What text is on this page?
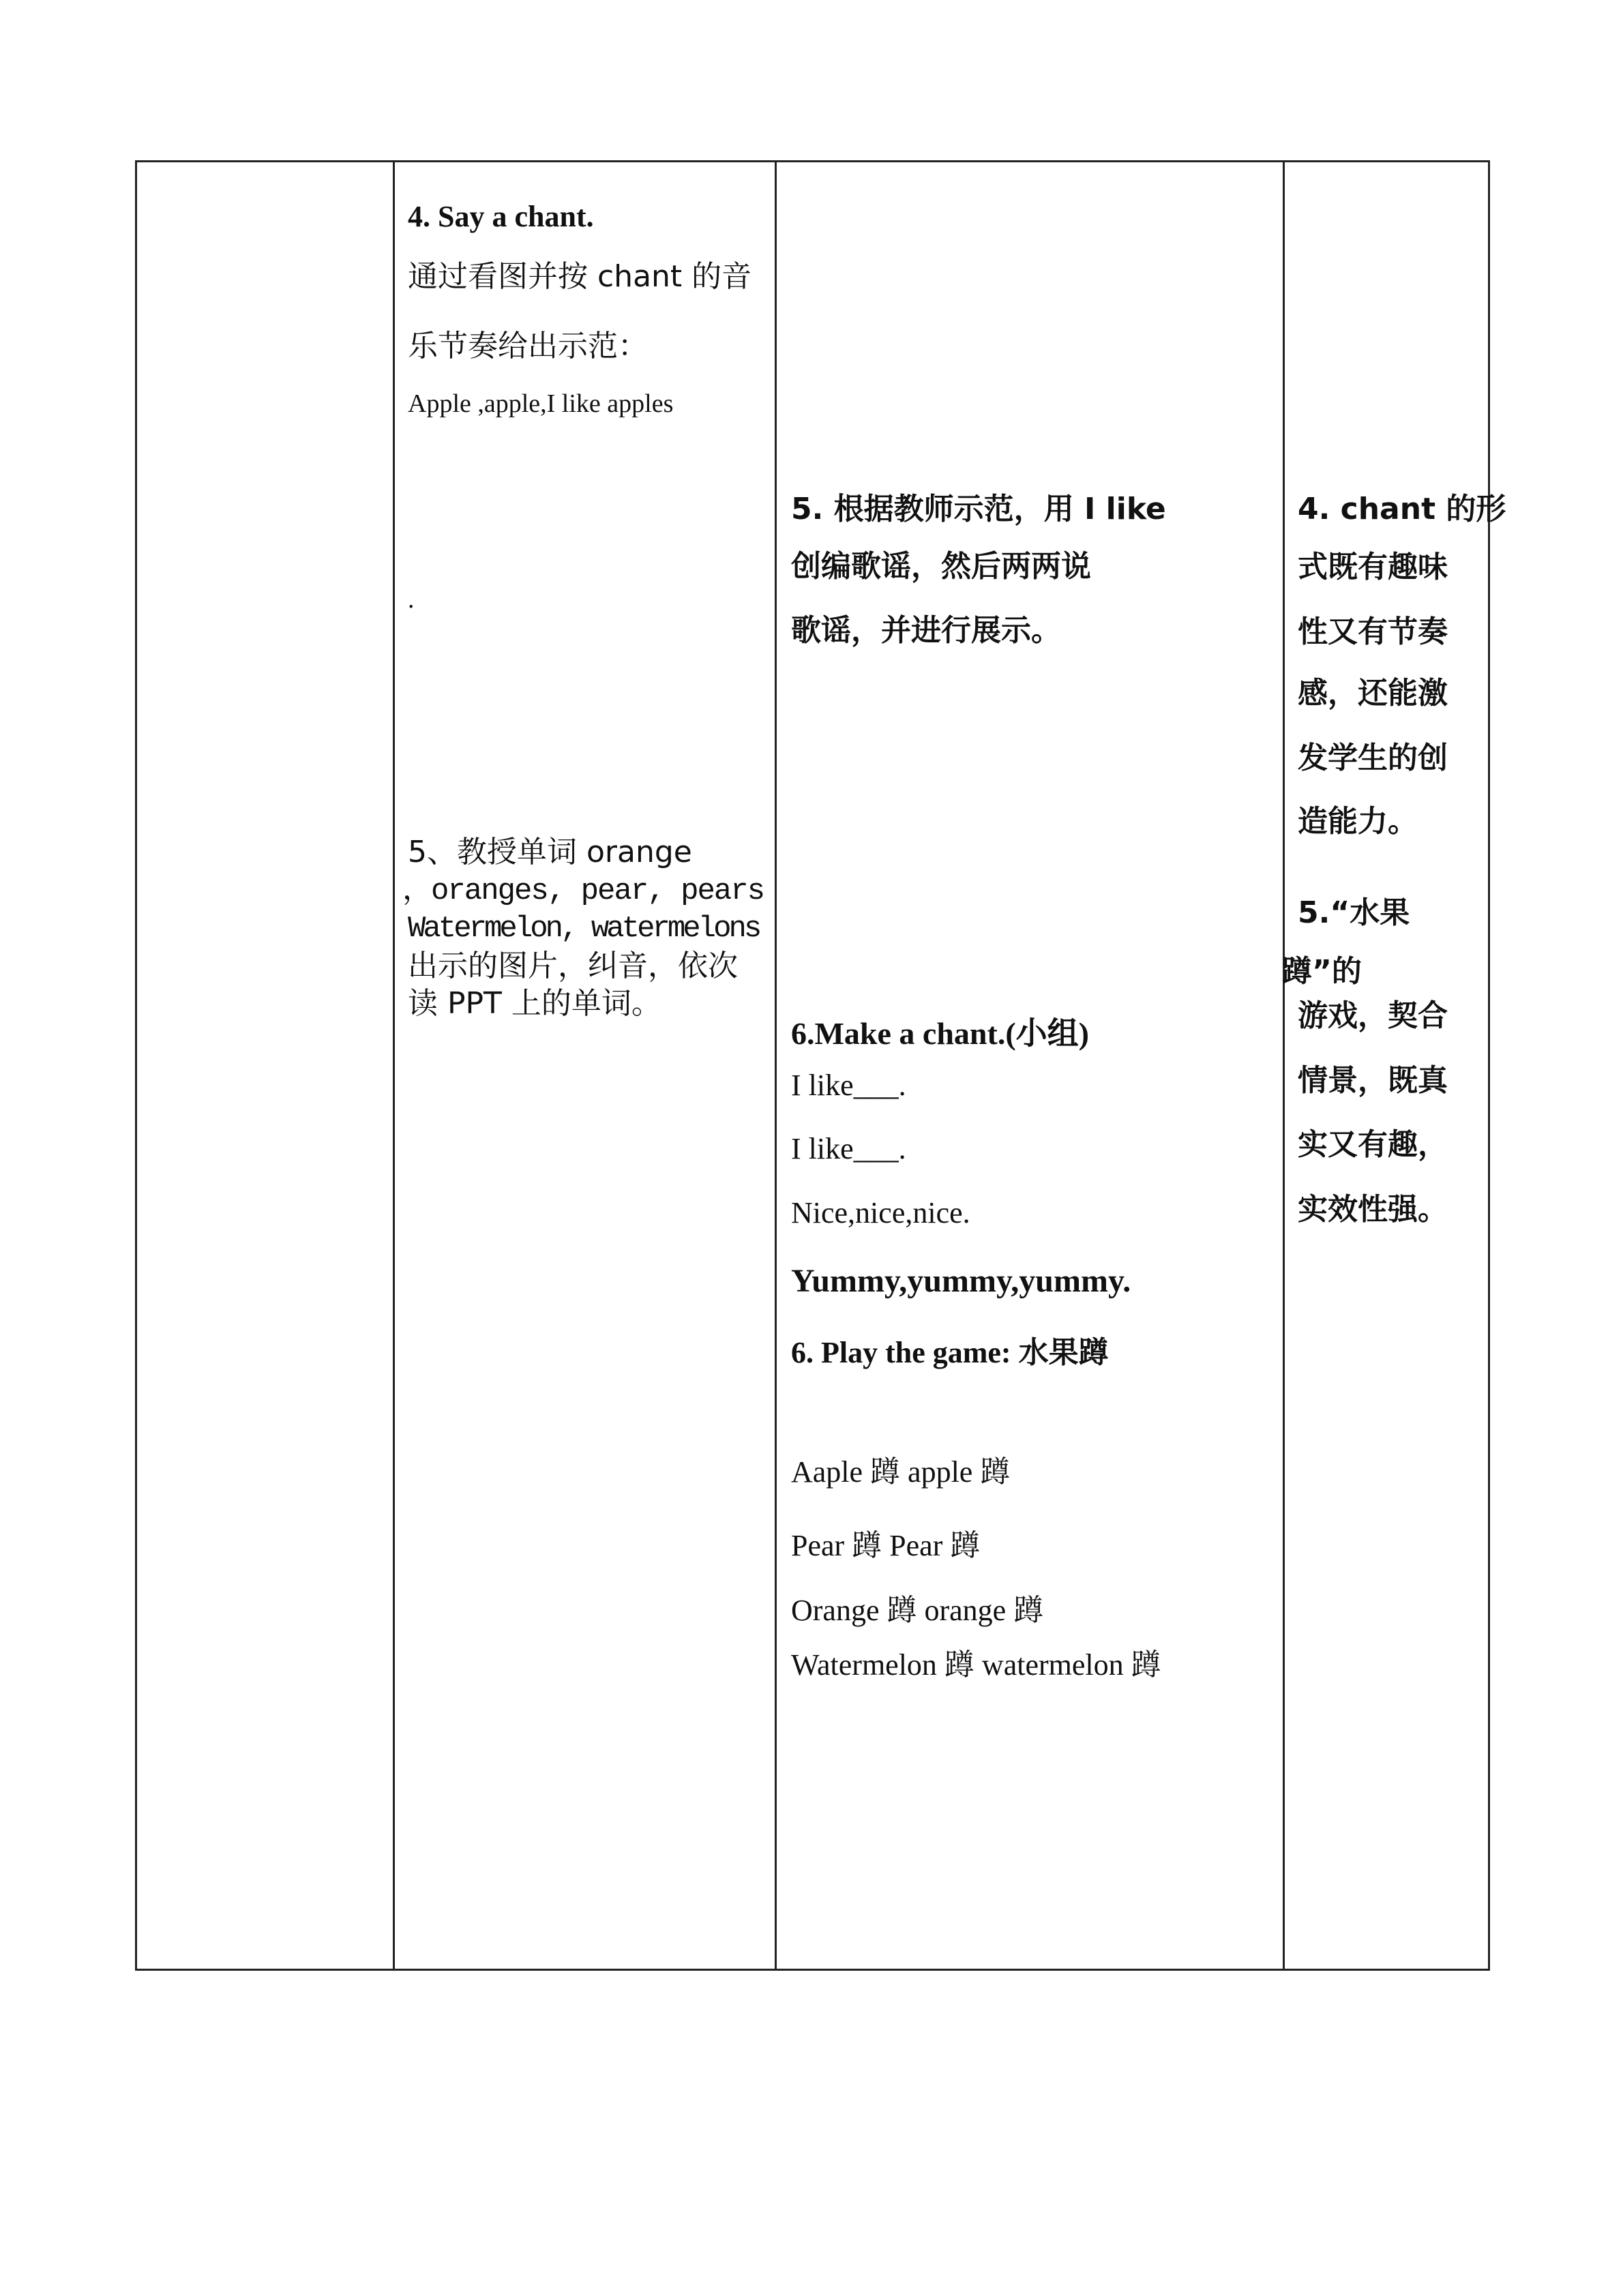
4. Say a chant.
通过看图并按 chant 的音
乐节奏给出示范：
Apple ,apple,I like apples
.
5、教授单词 orange
，oranges, pear, pears
Watermelon, watermelons
出示的图片，纠音，依次
读 PPT 上的单词。
5. 根据教师示范，用 I like
创编歌谣，然后两两说
歌谣，并进行展示。
6.Make a chant.(小组)
I like___.
I like___.
Nice,nice,nice.
Yummy,yummy,yummy.
6. Play the game: 水果蹲
Aaple 蹲 apple 蹲
Pear 蹲 Pear 蹲
Orange 蹲 orange 蹲
Watermelon 蹲 watermelon 蹲
4. chant 的形
式既有趣味
性又有节奏
感，还能激
发学生的创
造能力。
5.“水果
蹲”的
游戏，契合
情景，既真
实又有趣，
实效性强。
